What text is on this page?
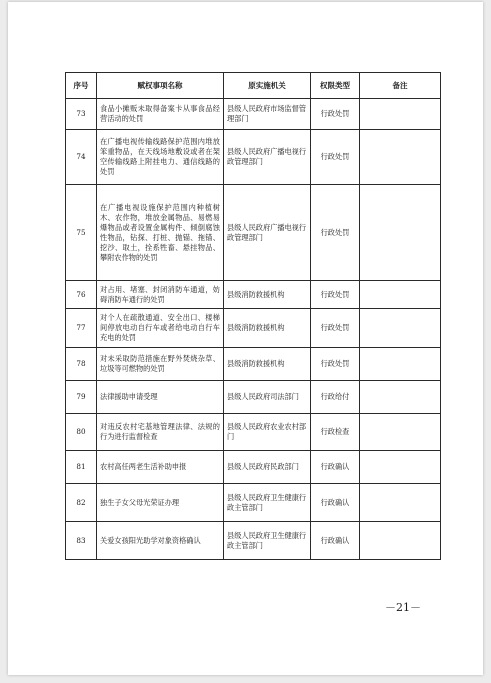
序号	赋权事项名称	原实施机关	权限类型	备注
73	食品小摊贩未取得备案卡从事食品经营活动的处罚	县级人民政府市场监督管理部门	行政处罚	
74	在广播电视传输线路保护范围内堆放笨重物品，在天线场地敷设或者在架空传输线路上附挂电力、通信线路的处罚	县级人民政府广播电视行政管理部门	行政处罚	
75	在广播电视设施保护范围内种植树木、农作物，堆放金属物品、易燃易爆物品或者设置金属构件、倾倒腐蚀性物品，钻探、打桩、抛锚、拖锚、挖沙、取土，拴系牲畜、悬挂物品、攀附农作物的处罚	县级人民政府广播电视行政管理部门	行政处罚	
76	对占用、堵塞、封闭消防车通道，妨碍消防车通行的处罚	县级消防救援机构	行政处罚	
77	对个人在疏散通道、安全出口、楼梯间停放电动自行车或者给电动自行车充电的处罚	县级消防救援机构	行政处罚	
78	对未采取防范措施在野外焚烧杂草、垃圾等可燃物的处罚	县级消防救援机构	行政处罚	
79	法律援助申请受理	县级人民政府司法部门	行政给付	
80	对违反农村宅基地管理法律、法规的行为进行监督检查	县级人民政府农业农村部门	行政检查	
81	农村高任两老生活补助申报	县级人民政府民政部门	行政确认	
82	独生子女父母光荣证办理	县级人民政府卫生健康行政主管部门	行政确认	
83	关爱女孩阳光助学对象资格确认	县级人民政府卫生健康行政主管部门	行政确认	
－21－
